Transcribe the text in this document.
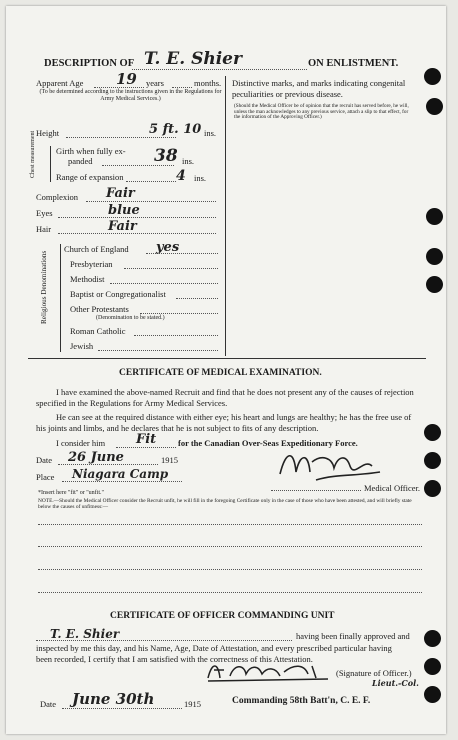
DESCRIPTION OF T. E. Shier	ON ENLISTMENT.
Apparent Age 19 years	months.
(To be determined according to the instructions given in the Regulations for Army Medical Services.)
Height	5 ft. 10 ins.
Chest measurement Girth when fully ex-
panded	38 ins.
Range of expansion	4 ins.
Complexion Fair
Eyes	blue
Hair	Fair
Religious Denominations
Church of England yes
Presbyterian
Methodist
Baptist or Congregationalist
Other Protestants
(Denomination to be stated.)
Roman Catholic
Jewish
Distinctive marks, and marks indicating congenital peculiarities or previous disease.
(Should the Medical Officer be of opinion that the recruit has served before, he will, unless the man acknowledges to any previous service, attach a slip to that effect, for the information of the Approving Officer.)
CERTIFICATE OF MEDICAL EXAMINATION.
I have examined the above-named Recruit and find that he does not present any of the causes of rejection specified in the Regulations for Army Medical Services.
He can see at the required distance with either eye; his heart and lungs are healthy; he has the free use of his joints and limbs, and he declares that he is not subject to fits of any description.
I consider him Fit	for the Canadian Over-Seas Expeditionary Force.
Date 26 June	1915
Place Niagara Camp
Medical Officer.
*Insert here "fit" or "unfit."
NOTE.—Should the Medical Officer consider the Recruit unfit, he will fill in the foregoing Certificate only in the case of those who have been attested, and will briefly state below the causes of unfitness:—
CERTIFICATE OF OFFICER COMMANDING UNIT
T. E. Shier	having been finally approved and
inspected by me this day, and his Name, Age, Date of Attestation, and every prescribed particular having
been recorded, I certify that I am satisfied with the correctness of this Attestation.
(Signature of Officer.)
Lieut.-Col.
Date June 30th	1915	Commanding 58th Batt'n, C. E. F.
